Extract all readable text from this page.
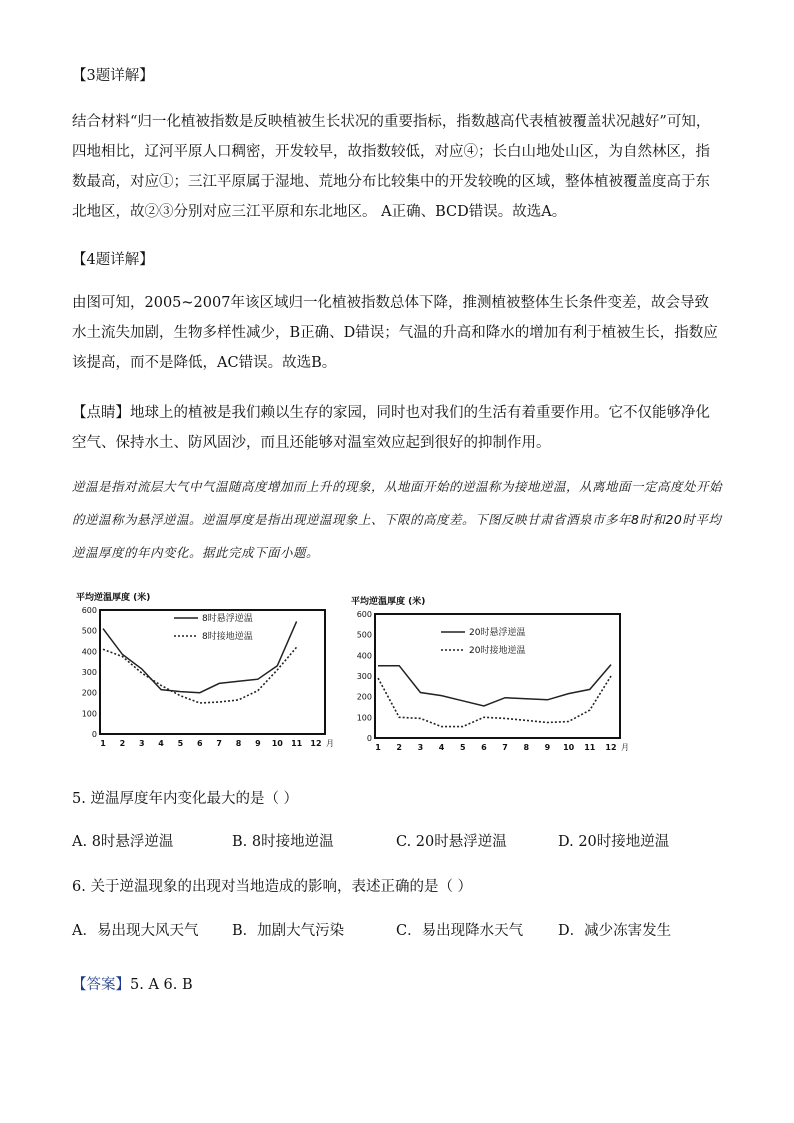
【3题详解】
结合材料“归一化植被指数是反映植被生长状况的重要指标，指数越高代表植被覆盖状况越好”可知，四地相比，辽河平原人口稠密，开发较早，故指数较低，对应④；长白山地处山区，为自然林区，指数最高，对应①；三江平原属于湿地、荒地分布比较集中的开发较晚的区域，整体植被覆盖度高于东北地区，故②③分别对应三江平原和东北地区。 A正确、BCD错误。故选A。
【4题详解】
由图可知，2005~2007年该区域归一化植被指数总体下降，推测植被整体生长条件变差，故会导致水土流失加剧，生物多样性减少，B正确、D错误；气温的升高和降水的增加有利于植被生长，指数应该提高，而不是降低，AC错误。故选B。
【点睛】地球上的植被是我们赖以生存的家园，同时也对我们的生活有着重要作用。它不仅能够净化空气、保持水土、防风固沙，而且还能够对温室效应起到很好的抑制作用。
逆温是指对流层大气中气温随高度增加而上升的现象，从地面开始的逆温称为接地逆温，从离地面一定高度处开始的逆温称为悬浮逆温。逆温厚度是指出现逆温现象上、下限的高度差。下图反映甘肃省酒泉市多年8时和20时平均逆温厚度的年内变化。据此完成下面小题。
平均逆温厚度 (米)
0
100
200
300
400
500
600
1 2 3 4 5 6 7 8 9 10 11 12 月
8时悬浮逆温
8时接地逆温
平均逆温厚度 (米)
0
100
200
300
400
500
600
1 2 3 4 5 6 7 8 9 10 11 12 月
20时悬浮逆温
20时接地逆温
5. 逆温厚度年内变化最大的是（ ）
A. 8时悬浮逆温	B. 8时接地逆温	C. 20时悬浮逆温	D. 20时接地逆温
6. 关于逆温现象的出现对当地造成的影响，表述正确的是（ ）
A．易出现大风天气 B．加剧大气污染	C．易出现降水天气 D．减少冻害发生
【答案】5. A 6. B
